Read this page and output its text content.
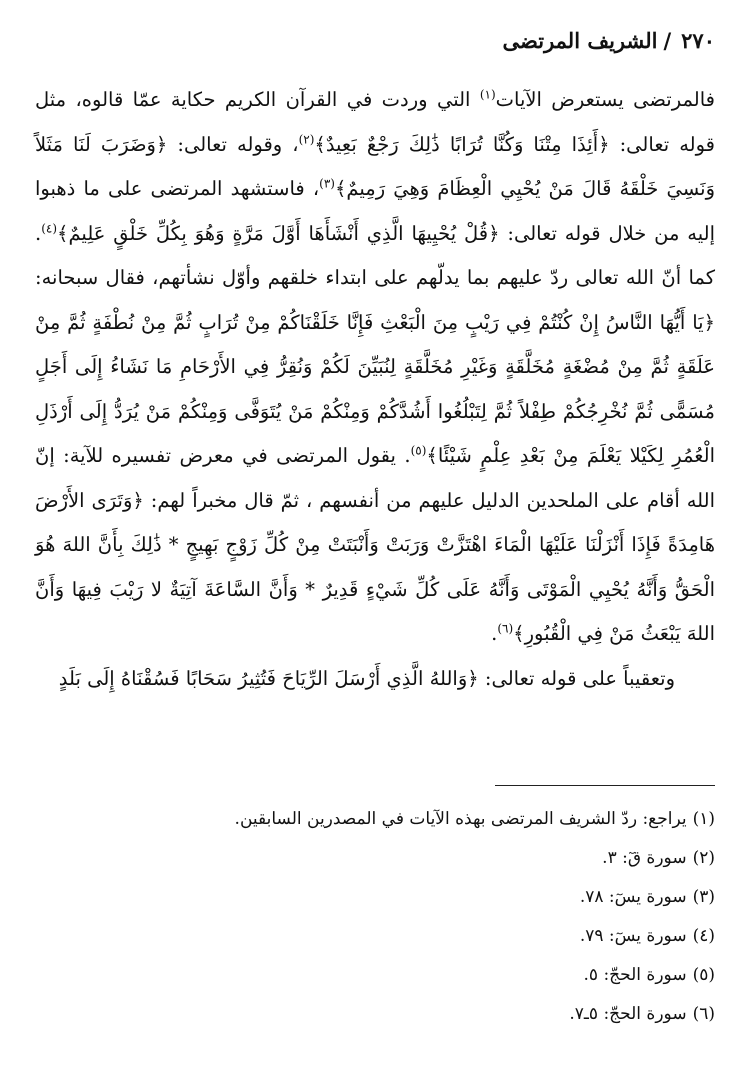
٢٧٠/الشريف المرتضى

فالمرتضى يستعرض الآيات$^{(١)}$ التي وردت في القرآن الكريم حكاية عمّا قالوه، مثل قوله تعالى: ﴿أَئِذَا مِتْنَا وَكُنَّا تُرَابًا ذَٰلِكَ رَجْعٌ بَعِيدٌ﴾$^{(٢)}$، وقوله تعالى: ﴿وَضَرَبَ لَنَا مَثَلاً وَنَسِيَ خَلْقَهُ قَالَ مَنْ يُحْيِي الْعِظَامَ وَهِيَ رَمِيمٌ﴾$^{(٣)}$، فاستشهد المرتضى على ما ذهبوا إليه من خلال قوله تعالى: ﴿قُلْ يُحْيِيهَا الَّذِي أَنْشَأَهَا أَوَّلَ مَرَّةٍ وَهُوَ بِكُلِّ خَلْقٍ عَلِيمٌ﴾$^{(٤)}$. كما أنّ الله تعالى ردّ عليهم بما يدلّهم على ابتداء خلقهم وأوّل نشأتهم، فقال سبحانه: ﴿يَا أَيُّهَا النَّاسُ إِنْ كُنْتُمْ فِي رَيْبٍ مِنَ الْبَعْثِ فَإِنَّا خَلَقْنَاكُمْ مِنْ تُرَابٍ ثُمَّ مِنْ نُطْفَةٍ ثُمَّ مِنْ عَلَقَةٍ ثُمَّ مِنْ مُضْغَةٍ مُخَلَّقَةٍ وَغَيْرِ مُخَلَّقَةٍ لِنُبَيِّنَ لَكُمْ وَنُقِرُّ فِي الأَرْحَامِ مَا نَشَاءُ إِلَى أَجَلٍ مُسَمًّى ثُمَّ نُخْرِجُكُمْ طِفْلاً ثُمَّ لِتَبْلُغُوا أَشُدَّكُمْ وَمِنْكُمْ مَنْ يُتَوَفَّى وَمِنْكُمْ مَنْ يُرَدُّ إِلَى أَرْذَلِ الْعُمُرِ لِكَيْلا يَعْلَمَ مِنْ بَعْدِ عِلْمٍ شَيْئًا﴾$^{(٥)}$. يقول المرتضى في معرض تفسيره للآية: إنّ الله أقام على الملحدين الدليل عليهم من أنفسهم ، ثمّ قال مخبراً لهم: ﴿وَتَرَى الأَرْضَ هَامِدَةً فَإِذَا أَنْزَلْنَا عَلَيْهَا الْمَاءَ اهْتَزَّتْ وَرَبَتْ وَأَنْبَتَتْ مِنْ كُلِّ زَوْجٍ بَهِيجٍ * ذَٰلِكَ بِأَنَّ اللهَ هُوَ الْحَقُّ وَأَنَّهُ يُحْيِي الْمَوْتَى وَأَنَّهُ عَلَى كُلِّ شَيْءٍ قَدِيرٌ * وَأَنَّ السَّاعَةَ آتِيَةٌ لا رَيْبَ فِيهَا وَأَنَّ اللهَ يَبْعَثُ مَنْ فِي الْقُبُورِ﴾$^{(٦)}$.

وتعقيباً على قوله تعالى: ﴿وَاللهُ الَّذِي أَرْسَلَ الرِّيَاحَ فَتُثِيرُ سَحَابًا فَسُقْنَاهُ إِلَى بَلَدٍ

(١)يراجع: ردّ الشريف المرتضى بهذه الآيات في المصدرين السابقين.

(٢)سورة قٓ: ٣.

(٣)سورة يسٓ: ٧٨.

(٤)سورة يسٓ: ٧٩.

(٥)سورة الحجّ: ٥.

(٦)سورة الحجّ: ٥ـ٧.
